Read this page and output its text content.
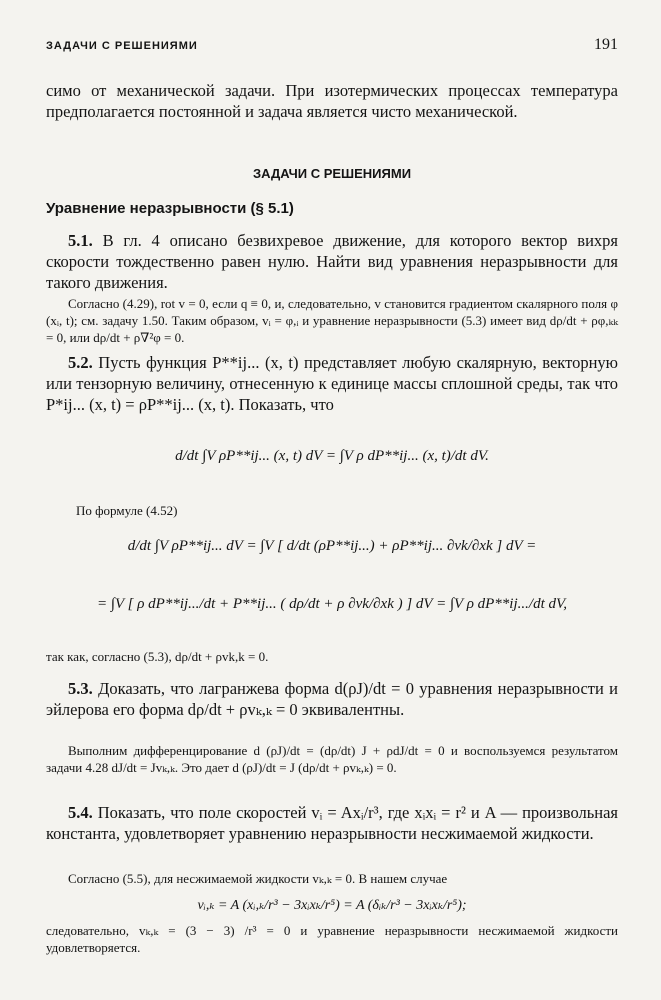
ЗАДАЧИ С РЕШЕНИЯМИ	191

симо от механической задачи. При изотермических процессах температура предполагается постоянной и задача является чисто механической.

ЗАДАЧИ С РЕШЕНИЯМИ
Уравнение неразрывности (§ 5.1)

5.1. В гл. 4 описано безвихревое движение, для которого вектор вихря скорости тождественно равен нулю. Найти вид уравнения неразрывности для такого движения.

Согласно (4.29), rot v = 0, если q ≡ 0, и, следовательно, v становится градиентом скалярного поля φ (xᵢ, t); см. задачу 1.50. Таким образом, vᵢ = φ,ᵢ и уравнение неразрывности (5.3) имеет вид dρ/dt + ρφ,ₖₖ = 0, или dρ/dt + ρ∇²φ = 0.

5.2. Пусть функция P**ij... (x, t) представляет любую скалярную, векторную или тензорную величину, отнесенную к единице массы сплошной среды, так что P*ij... (x, t) = ρP**ij... (x, t). Показать, что

d/dt ∫V ρP**ij... (x, t) dV = ∫V ρ dP**ij... (x, t)/dt dV.

По формуле (4.52)

d/dt ∫V ρP**ij... dV = ∫V [ d/dt (ρP**ij...) + ρP**ij... ∂vk/∂xk ] dV =
= ∫V [ ρ dP**ij.../dt + P**ij... ( dρ/dt + ρ ∂vk/∂xk ) ] dV = ∫V ρ dP**ij.../dt dV,

так как, согласно (5.3), dρ/dt + ρvk,k = 0.

5.3. Доказать, что лагранжева форма d(ρJ)/dt = 0 уравнения неразрывности и эйлерова его форма dρ/dt + ρvₖ,ₖ = 0 эквивалентны.

Выполним дифференцирование d (ρJ)/dt = (dρ/dt) J + ρdJ/dt = 0 и воспользуемся результатом задачи 4.28 dJ/dt = Jvₖ,ₖ. Это дает d (ρJ)/dt = J (dρ/dt + ρvₖ,ₖ) = 0.

5.4. Показать, что поле скоростей vᵢ = Axᵢ/r³, где xᵢxᵢ = r² и A — произвольная константа, удовлетворяет уравнению неразрывности несжимаемой жидкости.

Согласно (5.5), для несжимаемой жидкости vₖ,ₖ = 0. В нашем случае

vᵢ,ₖ = A (xᵢ,ₖ/r³ − 3xᵢxₖ/r⁵) = A (δᵢₖ/r³ − 3xᵢxₖ/r⁵);

следовательно, vₖ,ₖ = (3 − 3) /r³ = 0 и уравнение неразрывности несжимаемой жидкости удовлетворяется.
